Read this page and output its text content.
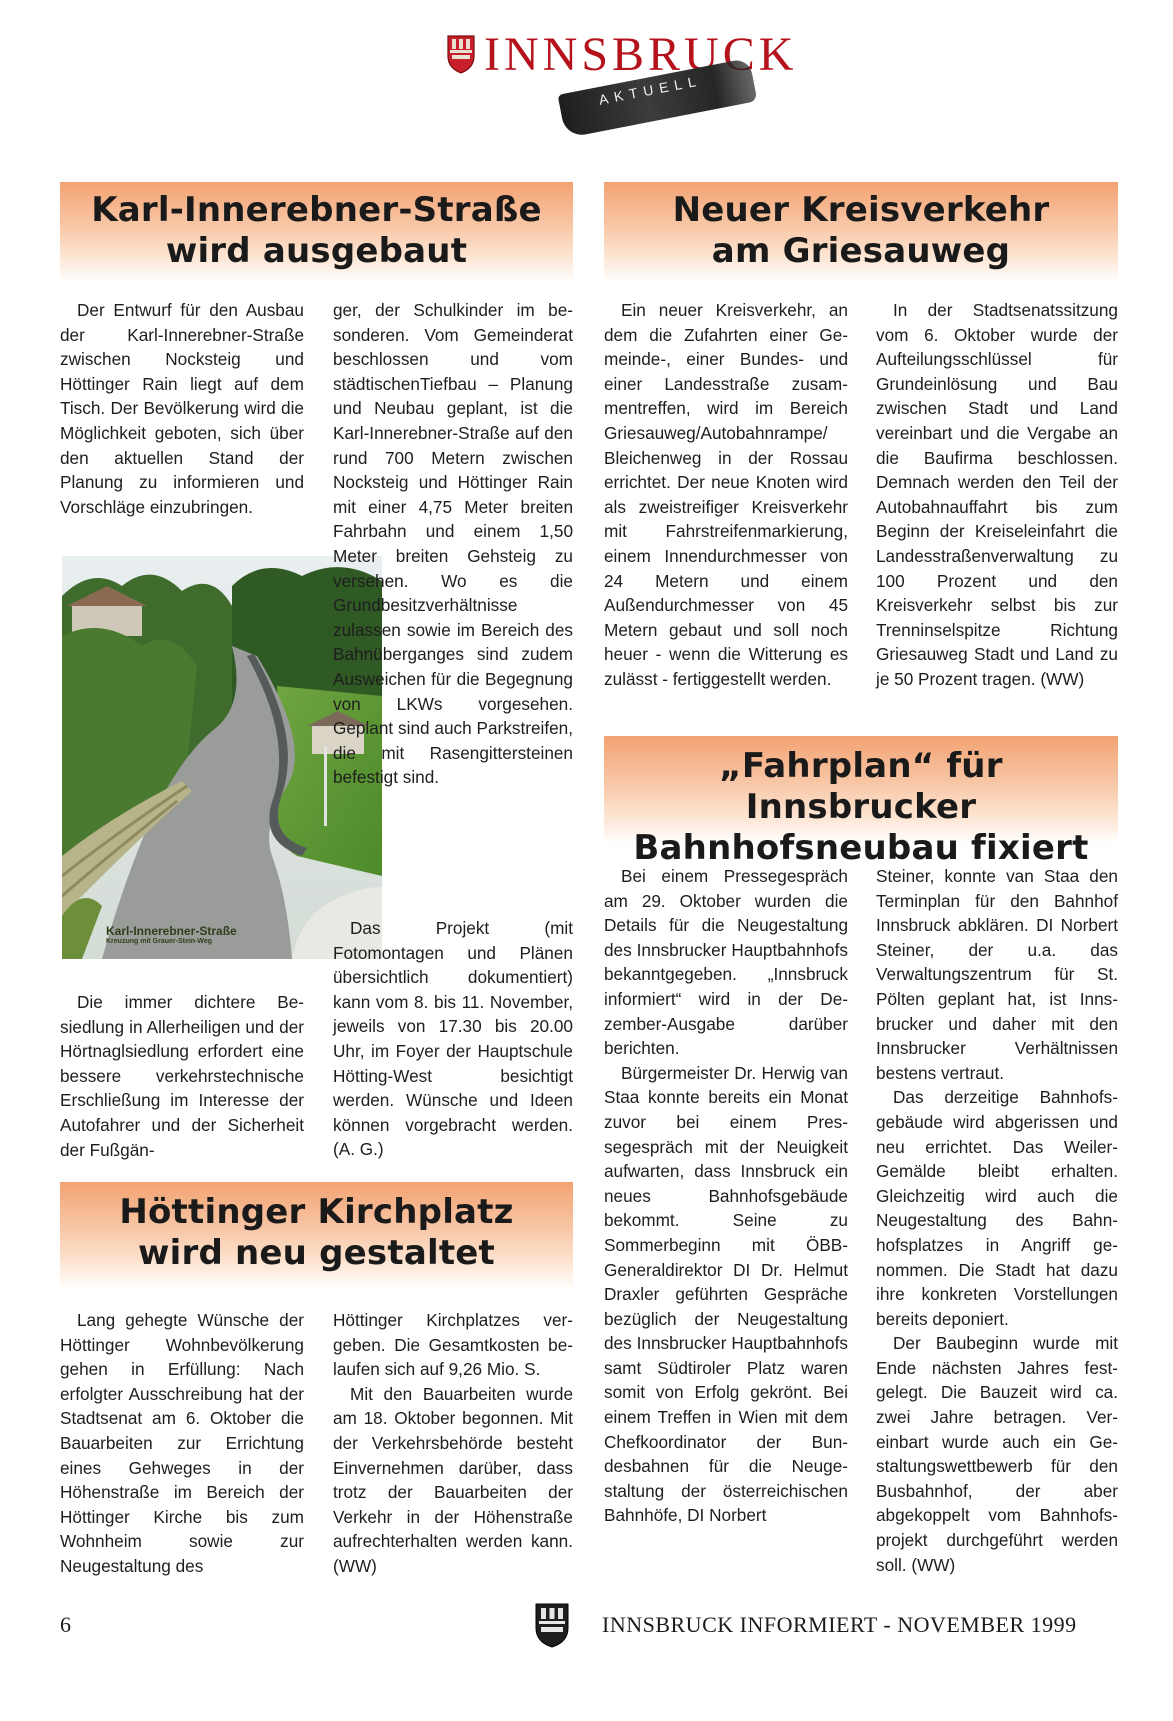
INNSBRUCK
AKTUELL
Karl-Innerebner-Straße
wird ausgebaut

Der Entwurf für den Ausbau der Karl-Innerebner-Straße zwischen Nocksteig und Höttinger Rain liegt auf dem Tisch. Der Bevölkerung wird die Möglichkeit geboten, sich über den aktuellen Stand der Planung zu informieren und Vorschläge einzubringen.

Karl-Innerebner-Straße
Kreuzung mit Grauer-Stein-Weg

Die immer dichtere Besiedlung in Allerheiligen und der Hörtnaglsiedlung erfordert eine bessere verkehrstechnische Erschließung im Interesse der Autofahrer und der Sicherheit der Fußgän-

ger, der Schulkinder im besonderen. Vom Gemeinderat beschlossen und vom städtischenTiefbau – Planung und Neubau geplant, ist die Karl-Innerebner-Straße auf den rund 700 Metern zwischen Nocksteig und Höttinger Rain mit einer 4,75 Meter breiten Fahrbahn und einem 1,50 Meter breiten Gehsteig zu versehen. Wo es die Grundbesitzverhältnisse zulassen sowie im Bereich des Bahnüberganges sind zudem Ausweichen für die Begegnung von LKWs vorgesehen. Geplant sind auch Parkstreifen, die mit Rasengittersteinen befestigt sind.

Das Projekt (mit Fotomontagen und Plänen übersichtlich dokumentiert) kann vom 8. bis 11. November, jeweils von 17.30 bis 20.00 Uhr, im Foyer der Hauptschule Hötting-West besichtigt werden. Wünsche und Ideen können vorgebracht werden. (A. G.)

Neuer Kreisverkehr
am Griesauweg

Ein neuer Kreisverkehr, an dem die Zufahrten einer Gemeinde-, einer Bundes- und einer Landesstraße zusammentreffen, wird im Bereich Griesauweg/Autobahnrampe/ Bleichenweg in der Rossau errichtet. Der neue Knoten wird als zweistreifiger Kreisverkehr mit Fahrstreifenmarkierung, einem Innendurchmesser von 24 Metern und einem Außendurchmesser von 45 Metern gebaut und soll noch heuer - wenn die Witterung es zulässt - fertiggestellt werden.

In der Stadtsenatssitzung vom 6. Oktober wurde der Aufteilungsschlüssel für Grundeinlösung und Bau zwischen Stadt und Land vereinbart und die Vergabe an die Baufirma beschlossen. Demnach werden den Teil der Autobahnauffahrt bis zum Beginn der Kreiseleinfahrt die Landesstraßenverwaltung zu 100 Prozent und den Kreisverkehr selbst bis zur Trenninselspitze Richtung Griesauweg Stadt und Land zu je 50 Prozent tragen. (WW)

„Fahrplan“ für Innsbrucker
Bahnhofsneubau fixiert

Bei einem Pressegespräch am 29. Oktober wurden die Details für die Neugestaltung des Innsbrucker Hauptbahnhofs bekanntgegeben. „Innsbruck informiert“ wird in der Dezember-Ausgabe darüber berichten.

Bürgermeister Dr. Herwig van Staa konnte bereits ein Monat zuvor bei einem Pressegespräch mit der Neuigkeit aufwarten, dass Innsbruck ein neues Bahnhofsgebäude bekommt. Seine zu Sommerbeginn mit ÖBB-Generaldirektor DI Dr. Helmut Draxler geführten Gespräche bezüglich der Neugestaltung des Innsbrucker Hauptbahnhofs samt Südtiroler Platz waren somit von Erfolg gekrönt. Bei einem Treffen in Wien mit dem Chefkoordinator der Bundesbahnen für die Neugestaltung der österreichischen Bahnhöfe, DI Norbert

Steiner, konnte van Staa den Terminplan für den Bahnhof Innsbruck abklären. DI Norbert Steiner, der u.a. das Verwaltungszentrum für St. Pölten geplant hat, ist Innsbrucker und daher mit den Innsbrucker Verhältnissen bestens vertraut.

Das derzeitige Bahnhofsgebäude wird abgerissen und neu errichtet. Das Weiler-Gemälde bleibt erhalten. Gleichzeitig wird auch die Neugestaltung des Bahnhofsplatzes in Angriff genommen. Die Stadt hat dazu ihre konkreten Vorstellungen bereits deponiert.

Der Baubeginn wurde mit Ende nächsten Jahres festgelegt. Die Bauzeit wird ca. zwei Jahre betragen. Vereinbart wurde auch ein Gestaltungswettbewerb für den Busbahnhof, der aber abgekoppelt vom Bahnhofsprojekt durchgeführt werden soll. (WW)

Höttinger Kirchplatz
wird neu gestaltet

Lang gehegte Wünsche der Höttinger Wohnbevölkerung gehen in Erfüllung: Nach erfolgter Ausschreibung hat der Stadtsenat am 6. Oktober die Bauarbeiten zur Errichtung eines Gehweges in der Höhenstraße im Bereich der Höttinger Kirche bis zum Wohnheim sowie zur Neugestaltung des

Höttinger Kirchplatzes vergeben. Die Gesamtkosten belaufen sich auf 9,26 Mio. S.

Mit den Bauarbeiten wurde am 18. Oktober begonnen. Mit der Verkehrsbehörde besteht Einvernehmen darüber, dass trotz der Bauarbeiten der Verkehr in der Höhenstraße aufrechterhalten werden kann. (WW)

6	INNSBRUCK INFORMIERT - NOVEMBER 1999
